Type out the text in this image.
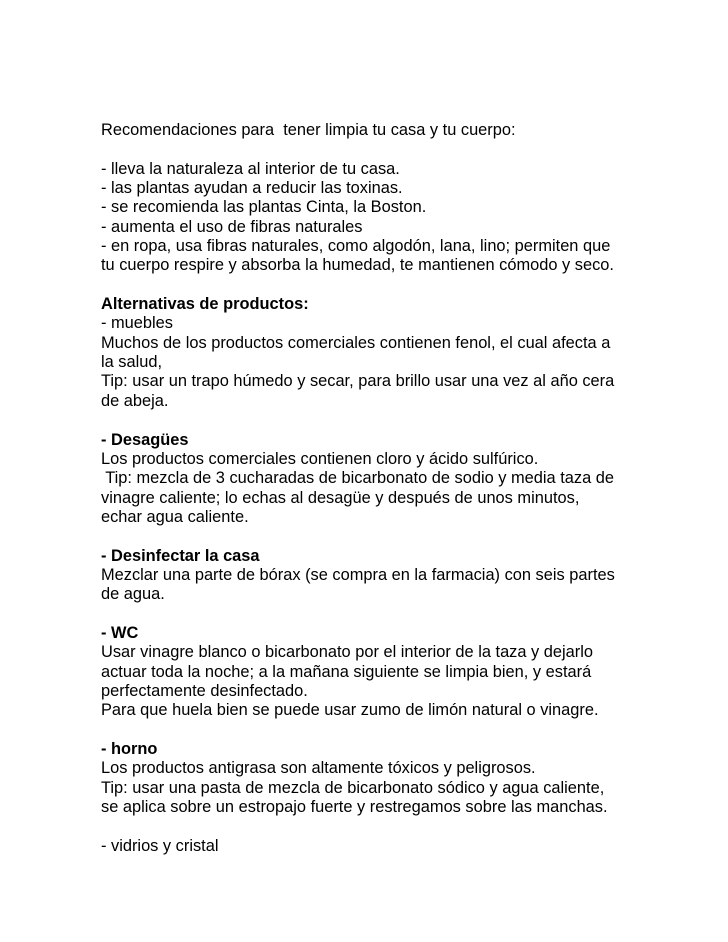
Recomendaciones para  tener limpia tu casa y tu cuerpo:
- lleva la naturaleza al interior de tu casa.
- las plantas ayudan a reducir las toxinas.
- se recomienda las plantas Cinta, la Boston.
- aumenta el uso de fibras naturales
- en ropa, usa fibras naturales, como algodón, lana, lino; permiten que
tu cuerpo respire y absorba la humedad, te mantienen cómodo y seco.
Alternativas de productos:
- muebles
Muchos de los productos comerciales contienen fenol, el cual afecta a
la salud,
Tip: usar un trapo húmedo y secar, para brillo usar una vez al año cera
de abeja.
- Desagües
Los productos comerciales contienen cloro y ácido sulfúrico.
Tip: mezcla de 3 cucharadas de bicarbonato de sodio y media taza de
vinagre caliente; lo echas al desagüe y después de unos minutos,
echar agua caliente.
- Desinfectar la casa
Mezclar una parte de bórax (se compra en la farmacia) con seis partes
de agua.
- WC
Usar vinagre blanco o bicarbonato por el interior de la taza y dejarlo
actuar toda la noche; a la mañana siguiente se limpia bien, y estará
perfectamente desinfectado.
Para que huela bien se puede usar zumo de limón natural o vinagre.
- horno
Los productos antigrasa son altamente tóxicos y peligrosos.
Tip: usar una pasta de mezcla de bicarbonato sódico y agua caliente,
se aplica sobre un estropajo fuerte y restregamos sobre las manchas.
- vidrios y cristal
